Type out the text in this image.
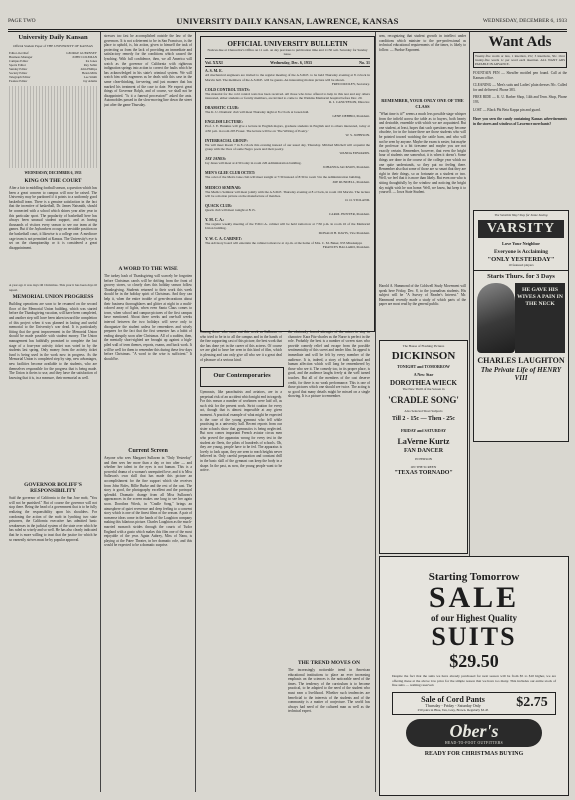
PAGE TWO	UNIVERSITY DAILY KANSAN, LAWRENCE, KANSAS	WEDNESDAY, DECEMBER 6, 1933
University Daily Kansan
Official Student Paper of THE UNIVERSITY OF KANSAS
Editor-in-Chief	GEORGE GUERNSEY
Business Manager	JOHN COLEMAN
Campus Editor	Ira Jones
Sports Editor	Ray Sabin
Sunday Editor	John Phillips
Society Editor	Helen Mills
Telegraph Editor	Lee Smith
Feature Editor	Jay Adams
WEDNESDAY, DECEMBER 6, 1933
KING ON THE COURT
After a fair to middling football season, a question which has been a great concern to campus will now be raised. The University may be pardoned if it points to a uniformly good basketball team. There is a genuine satisfaction in the fact that the incentive of basketball, Dr. James Naismith, should be connected with a school which shines year after year in this particular sport. The popularity of basketball here has always been unusual student support, and as having thousands of visitors every season to see our team at the games. But if the Jayhawkers occupy an enviable position on the basketball court, it likewise is a college one. A mediocre cage team is not permitted at Kansas. The University's eye is set on the championship or it is considered a great disappointment.
A year ago it was days till Christmas. This year it has been days til repeal.
MEMORIAL UNION PROGRESS
Building operations are soon to be resumed on the second floor of the Memorial Union building, which was started before the Thanksgiving vacation, will have been completed, and another step will have been taken toward the completion of this project when it was planned in lasting and useful memorial to the University's war dead. It is particularly fitting that the great improvement in the Memorial Union should be made possible with student money. The Union management has faithfully promised to complete the last stage of a four-year activity ticket was voted in by the students last spring. Only money from the activity ticket fund is being used in the work now in progress. As the Memorial Union is completed step by step, new advantages, new facilities become available to the students, who are themselves responsible for the progress that is being made. The Union is theirs to use, and they have the satisfaction of knowing that it is, in a measure, their memorial as well.
GOVERNOR BOLIFF'S RESPONSIBILITY
Said the governor of California to the San Jose mob, "You will not be punished." But of course the governor will not stop there. Being the head of a government that is to be fully realizing the responsibility upon his shoulders. For condoning the action of the mob in lynching two state prisoners, the California executive has admitted basic weaknesses in the judicial system of the state over which he has ruled so wisely and so well. He has also clearly indicated that he is more willing to trust that the justice for which he so earnestly strives must be by popular approval.
stresses too fast he accomplished outside the law of the governors. It is not a deterrent to be in San Francisco, is the place to uphold, is, his action, given to himself the task of protecting us from the lack of providing an immediate and satisfactory remedy for the conditions which caused the lynching. With full confidence, then, we all America will watch as the governor of California with righteous indignation springs into action to correct the faults which he has acknowledged in his state's criminal system. We will watch him with eagerness as he deals with this case in the same clear-thinking, far-seeing, and just manner that has marked his treatment of the case to date. We expect great things of Governor Rolph, and of course, we shall not be disappointed. "Is it a funeral procession?" asked the ants. Automobiles passed in the slow-moving line down the street just after the game Thursday.
A WORD TO THE WISE
The turkey hash of Thanksgiving will scarcely be forgotten before Christmas carols will be drifting from the front of grocery stores, so closely does this holiday season follow Thanksgiving. Students returned to their work this week should be in the holiday spirit of Christmas. And they can help it, when the entire trouble of gem-decorations about their business thoroughfares and glitter at night in a multi-colored array of lights, when even Santa Claus comes to town, when school and campus-pictures of the first campus have mentioned. About three weeks and one-half weeks interval between the two holidays will serve only to disorganize the student unless he remembers and wisely prepares for the fact that the first semester has a habit of ending abruptly soon after Christmas. All of a sudden, then, the mentally short-sighted are brought up against a high-piled wall of term themes, reports, exams, and back work. It will be well for them to remember this during these few days before Christmas. "A word to the wise is sufficient." It should be.
Current Screen
Anyone who sees Margaret Sullavan in "Only Yesterday" and then sees her more than a day or two after — and whether her talent in the eyes is not human. This is a powerful drama of a woman's unrequited love, and it is Miss Sullavan's own skill that has made this picture an accomplishment for the fine support which she receives from John Boles, Billie Burke and the rest of the cast. The story is good, the photography excellent and the portrayal splendid. Dramatic change from all Miss Sullavan's appearances in the screen makes one long to see her again soon. Dorothea Wieck, in "Cradle Song," brings an atmosphere of quiet reverence and deep feeling to a convent story which is one of the finest films of the season. A pair of nonsense ideas come in the hands of the Laughton company making this hilarious picture. Charles Laughton as the much-married monarch strides through the courts of Tudor England with a gusto which makes this film one of the most enjoyable of the year. Again Aubrey, Miss of Nana, is playing at the Patee Theater, in her dramatic role, and this would be expected to be a dramatic surprise.
OFFICIAL UNIVERSITY BULLETIN
Notices due at Chancellor's Office on 11 a.m. on day previous to publication time and 11:30 a.m. Saturday for Sunday issue.
Vol. XXXI	Wednesday, Dec. 6, 1933	No. 31
A. S. M. E.

All mechanical engineers are invited to the regular meeting of the A.S.M.E. to be held Thursday evening at 8 o'clock in Marvin hall. The members of the A.S.M.E. will be guests. An interesting motion picture will be shown.

FRED DUDLEY, Secretary.
COLD CONTROL TESTS:

The material for the cold control tests has been received. All those who have offered to help in this test and any others interested, either students or faculty members, are invited to come to the Watkins Memorial hospital before Dec. 20.

R. I. CANUTESON, Director.
DRAMATIC CLUB:

The K. U. Dramatic club will meet Thursday night at 8 o'clock at Green hall.

GENE DEBBIO, President.
ENGLISH LECTURE:

Prof. J. E. Hankins will give a lecture in English majors, graduate students in English and to others interested, today at 4:30 p.m. in room 205 Fraser. The lecture will be on 'The Writing of Poetry.'

W. S. JOHNSON.
INTERRACIAL GROUP:

We will meet Room 7 in 8 o'clock this evening instead of our usual day, Thursday. Mildred Mitchell will acquaint the group with the lives of some Negro poets and their poetry.

WANDA EDWARDS.
JAY JANES:

Jay Janes will meet at 4:30 today in room 226 Administration building.

JOHANNA JACKSON, President.
MEN'S GLEE CLUB OCTET:

The octet of the Men's Glee club will meet tonight at 7:30 instead of 8:30 in room 3 in the Administration building.

JOE RUNDELL, President.
MEDICO SEMINAR:

The Medico Seminar will meet jointly with the A.S.M.E. Thursday evening at 8 o'clock, in room 102 Marvin. The lecture will be a motion picture on the manufacture of matches.

O. O. STOLAND.
QUACK CLUB:

Quack club will meet tonight at 8:15.

CAROL HUNTER, President.
Y. M. C. A.:

The regular weekly meeting of the Y.M.C.A. cabinet will be held tomorrow at 7:30 p.m. in room 16 of the Memorial Union building.

DONALD H. DAVIS, Vice President.
Y. W. C. A. CABINET:

The Advisory board will entertain the cabinet tomorrow at 4 p.m. at the home of Mrs. C. M. Baker, 933 Mississippi.

FRANCES BALLARD, President.
Among those who came out this week as Sullavan — who tried to be in to all the campus and in the hands of the fine supporting cast of this picture, the best work that she has done yet in the career of this actress. Of course we are glad to have her seen in this kind of film, which is pleasing and can only give all who see it a great deal of pleasure of a serious kind.
Our Contemporaries
Gymnasts, like parachutists and aviators, are in a perpetual risk of an accident which might end in tragedy. For this reason a number of workmen were laid off, as such risk for the present work. Strict caution for every act, though that is almost impossible at any given moment. A practical example of what might be expected is the case of the young gymnast who fell while practising in a university hall. Recent reports from our sister schools show that gymnastics is being neglected. But now comes important French aviator circus men who proved the apparatus wrong for every test in the student air fleets, the pilots of hundreds of schools. Oh, they are young, people have to be fed. The apparatus is lovely to look upon, they are seen to reach heights never believed in. Only careful preparation and constant drill in the basic skill of the gymnast can keep the body in a shape. In the past, as now, the young people want to be active.
the obviously forced attempts of the actors to stay in character: Kara Fitz-charles as the Nurse is perfect in the role. Probably the best is a number of screen stars who provide comedy relief and escape from the possible sentimentality of this sweet and tender film. Its appeal is immediate and will be felt by every member of the audience. It is, indeed, a story of both spiritual and human affection which will long be remembered by those who see it. The comedy too, in its proper place, is good, and the audience laughs freely at the well turned touches. But all of the members of the cast deserve credit, for there is no weak performance. This is one of those pictures which one should see twice. The acting is so good that many details might be missed on a single showing. It is a picture to remember.
THE TREND MOVES ON
The increasingly noticeable trend in American educational institutions to place an ever increasing emphasis on the sciences is the noticeable need of the times. The tendency of the curriculum is to become practical, to be adapted to the need of the student who must earn a livelihood. Whether such tendencies are beneficial to the interests of the students and of the community is a matter of conjecture. The world has always had need of the cultured man as well as the technical expert.
arm, recognizing that student growth in intellect under conditions which minister to the pre-professional as technical educational requirements of the times, is likely to follow. — Purdue Exponent.
REMEMBER, YOUR ONLY ONE OF THE CLASS
"What time is it?" seems a much less possible stage whisper from the infield across the table as to buyers, both hearty and desirable, ensemble with which we are acquainted. But one student, at least, hopes that such questions may become obsolete, for in the future there are those students who will be pointed toward watching the cattle barn, and who will not be seen by anyone. Maybe the exam is easier, but maybe the professor is a bit tiresome and maybe you are not exactly certain. Remember, however, that even the bright hour of students one somewhat, it is when it doesn't. Some things are done in the course of the college year which no one quite understands, so they put no feeling there. Remember also that some of those are so smart that they are right in their things, so as fortunate as a student or two. Well, we feel that it is more than likely. But even one who is sitting thoughtfully by the window and noticing the bright sky might wish he was home. Well, we know, but keep it to yourself. — Iowa State Student.
Harold A. Hammond of the Coldwell Study Movement will speak here Friday, Dec. 8, to the journalism students. His subject will be "A Survey of Reader's Interest." Mr. Hammond recently made a study of which parts of the paper are most read by the general public.
The House of Flashing Pictures
DICKINSON
TONIGHT and TOMORROW
A New Star
DOROTHEA WIECK
The New Thrill of the Screen in
'CRADLE SONG'
Also Selected Short Subjects
Till 2 - 15c — Then - 25c
FRIDAY and SATURDAY
LaVerne Kurtz
FAN DANCER
IN PERSON
ON THE SCREEN
"TEXAS TORNADO"
Want Ads
Twenty-five words or less, 1 insertion, 25c; 3 insertions, 50c. Over twenty-five words 1c per word each insertion. ALL WANT ADS PAYABLE IN ADVANCE.
FOUNTAIN PEN — Sheaffer mottled pen found. Call at the Kansan office.
CLEANING — Men's suits and Ladies' plain dresses 50c. Called for and delivered. Phone 383.
FREE RIDE — K. U. Barber Shop, 14th and Tenn. Shop, Phone 193.
LOST — Black Phi Beta Kappa pin and guard.
Have you seen the candy containing Kansas advertisements in the stores and windows of Lawrence merchants?
The Sensible Way! Stay for Some Saving
VARSITY
Love Your Neighbor
Everyone is Acclaiming
"ONLY YESTERDAY"
10 featured players
Starts Thurs. for 3 Days
HE GAVE HIS WIVES A PAIN IN THE NECK
CHARLES LAUGHTON
The Private Life of HENRY VIII
Starting Tomorrow
SALE
of our Highest Quality
SUITS
$29.50
Despite the fact that the suits we have already purchased for next season will be from $5 to $10 higher, we are offering these at the above low price for the simple reason that we have too many. This includes our entire stock of fine suits — nothing reserved.
Sale of Cord Pants
Thursday - Friday - Saturday Only
250 pairs in Blue, Tan, Gray, Brown. Regularly $3.45	$2.75
Ober's
HEAD-TO-FOOT OUTFITTERS
READY FOR CHRISTMAS BUYING
